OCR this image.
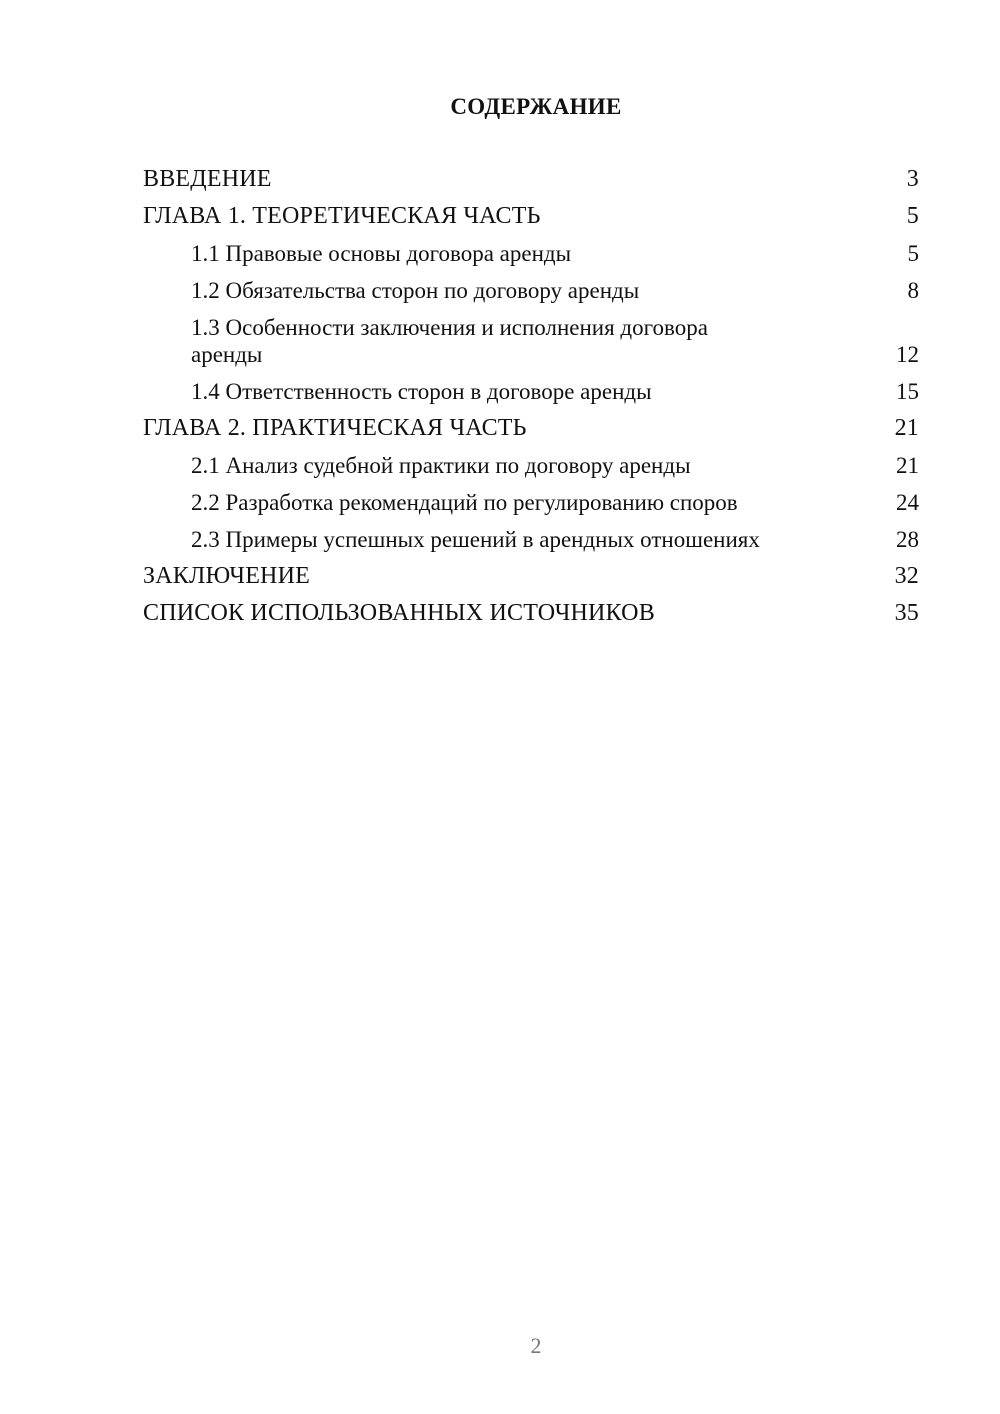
СОДЕРЖАНИЕ
ВВЕДЕНИЕ	3
ГЛАВА 1. ТЕОРЕТИЧЕСКАЯ ЧАСТЬ	5
1.1 Правовые основы договора аренды	5
1.2 Обязательства сторон по договору аренды	8
1.3 Особенности заключения и исполнения договора аренды	12
1.4 Ответственность сторон в договоре аренды	15
ГЛАВА 2. ПРАКТИЧЕСКАЯ ЧАСТЬ	21
2.1 Анализ судебной практики по договору аренды	21
2.2 Разработка рекомендаций по регулированию споров	24
2.3 Примеры успешных решений в арендных отношениях	28
ЗАКЛЮЧЕНИЕ	32
СПИСОК ИСПОЛЬЗОВАННЫХ ИСТОЧНИКОВ	35
2
